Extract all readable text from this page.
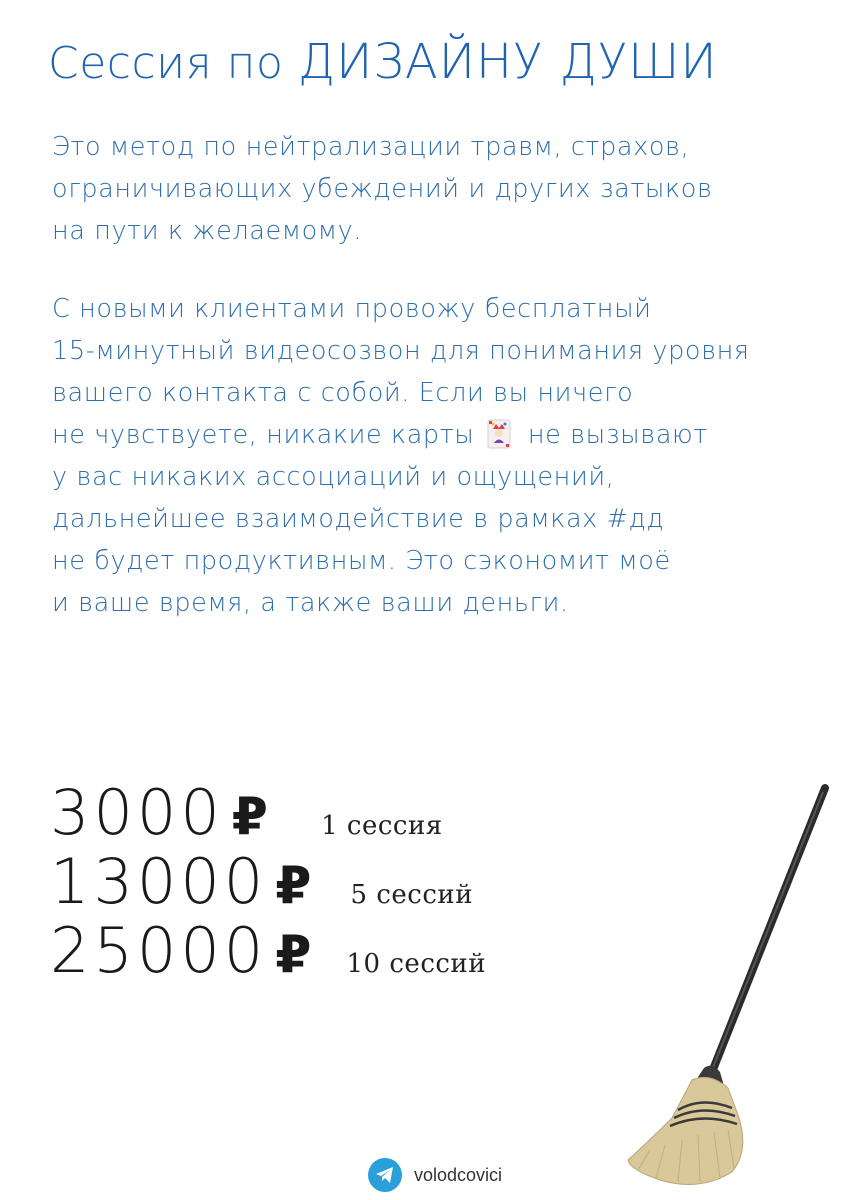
Сессия по ДИЗАЙНУ ДУШИ
Это метод по нейтрализации травм, страхов,
ограничивающих убеждений и других затыков
на пути к желаемому.
С новыми клиентами провожу бесплатный
15-минутный видеосозвон для понимания уровня
вашего контакта с собой. Если вы ничего
не чувствуете, никакие карты не вызывают
у вас никаких ассоциаций и ощущений,
дальнейшее взаимодействие в рамках #дд
не будет продуктивным. Это сэкономит моё
и ваше время, а также ваши деньги.
3000 ₽ 1 сессия
13000 ₽ 5 сессий
25000 ₽ 10 сессий
volodcovici
